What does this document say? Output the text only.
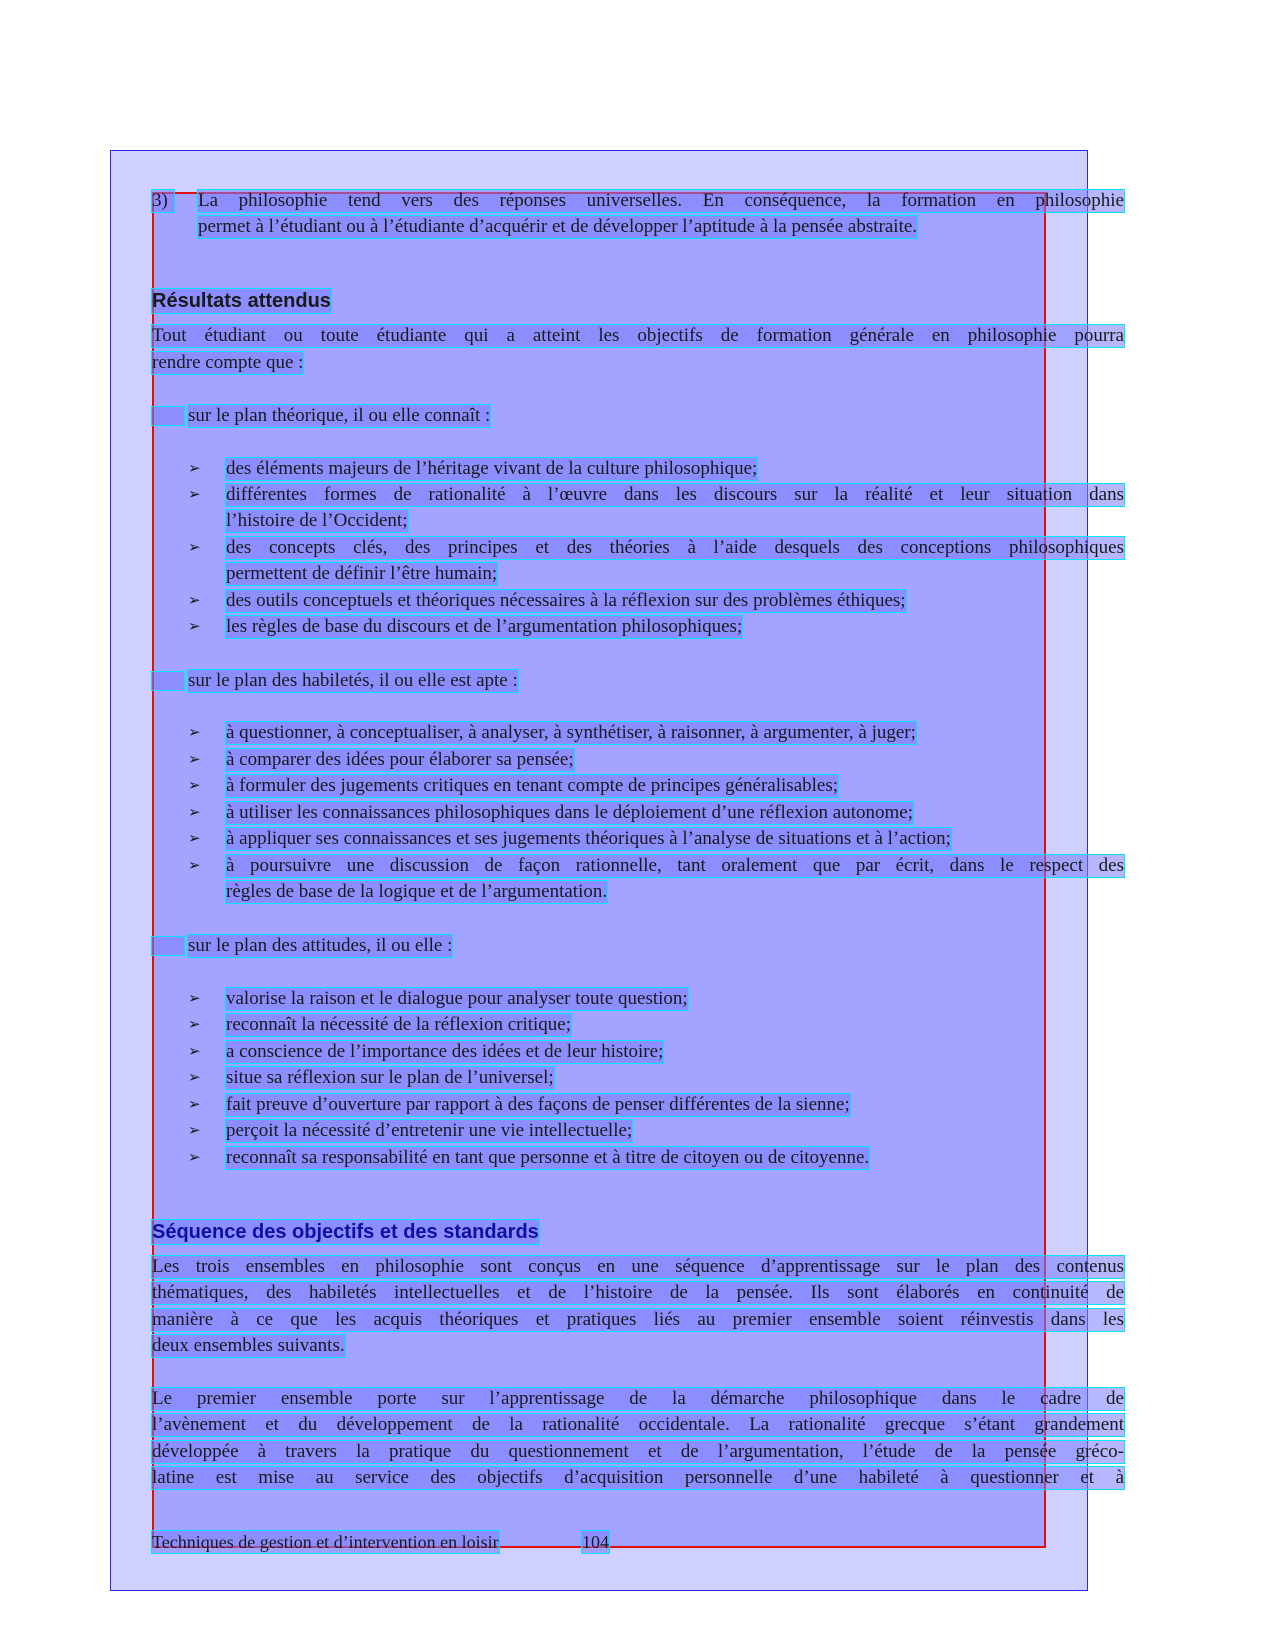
3)	La philosophie tend vers des réponses universelles. En conséquence, la formation en philosophie
permet à l’étudiant ou à l’étudiante d’acquérir et de développer l’aptitude à la pensée abstraite.
Résultats attendus
Tout étudiant ou toute étudiante qui a atteint les objectifs de formation générale en philosophie pourra
rendre compte que :
sur le plan théorique, il ou elle connaît :
➢ des éléments majeurs de l’héritage vivant de la culture philosophique;
➢ différentes formes de rationalité à l’œuvre dans les discours sur la réalité et leur situation dans
l’histoire de l’Occident;
➢ des concepts clés, des principes et des théories à l’aide desquels des conceptions philosophiques
permettent de définir l’être humain;
➢ des outils conceptuels et théoriques nécessaires à la réflexion sur des problèmes éthiques;
➢ les règles de base du discours et de l’argumentation philosophiques;
sur le plan des habiletés, il ou elle est apte :
➢ à questionner, à conceptualiser, à analyser, à synthétiser, à raisonner, à argumenter, à juger;
➢ à comparer des idées pour élaborer sa pensée;
➢ à formuler des jugements critiques en tenant compte de principes généralisables;
➢ à utiliser les connaissances philosophiques dans le déploiement d’une réflexion autonome;
➢ à appliquer ses connaissances et ses jugements théoriques à l’analyse de situations et à l’action;
➢ à poursuivre une discussion de façon rationnelle, tant oralement que par écrit, dans le respect des
règles de base de la logique et de l’argumentation.
sur le plan des attitudes, il ou elle :
➢ valorise la raison et le dialogue pour analyser toute question;
➢ reconnaît la nécessité de la réflexion critique;
➢ a conscience de l’importance des idées et de leur histoire;
➢ situe sa réflexion sur le plan de l’universel;
➢ fait preuve d’ouverture par rapport à des façons de penser différentes de la sienne;
➢ perçoit la nécessité d’entretenir une vie intellectuelle;
➢ reconnaît sa responsabilité en tant que personne et à titre de citoyen ou de citoyenne.
Séquence des objectifs et des standards
Les trois ensembles en philosophie sont conçus en une séquence d’apprentissage sur le plan des contenus
thématiques, des habiletés intellectuelles et de l’histoire de la pensée. Ils sont élaborés en continuité de
manière à ce que les acquis théoriques et pratiques liés au premier ensemble soient réinvestis dans les
deux ensembles suivants.
Le premier ensemble porte sur l’apprentissage de la démarche philosophique dans le cadre de
l’avènement et du développement de la rationalité occidentale. La rationalité grecque s’étant grandement
développée à travers la pratique du questionnement et de l’argumentation, l’étude de la pensée gréco-
latine est mise au service des objectifs d’acquisition personnelle d’une habileté à questionner et à
Techniques de gestion et d’intervention en loisir	104
